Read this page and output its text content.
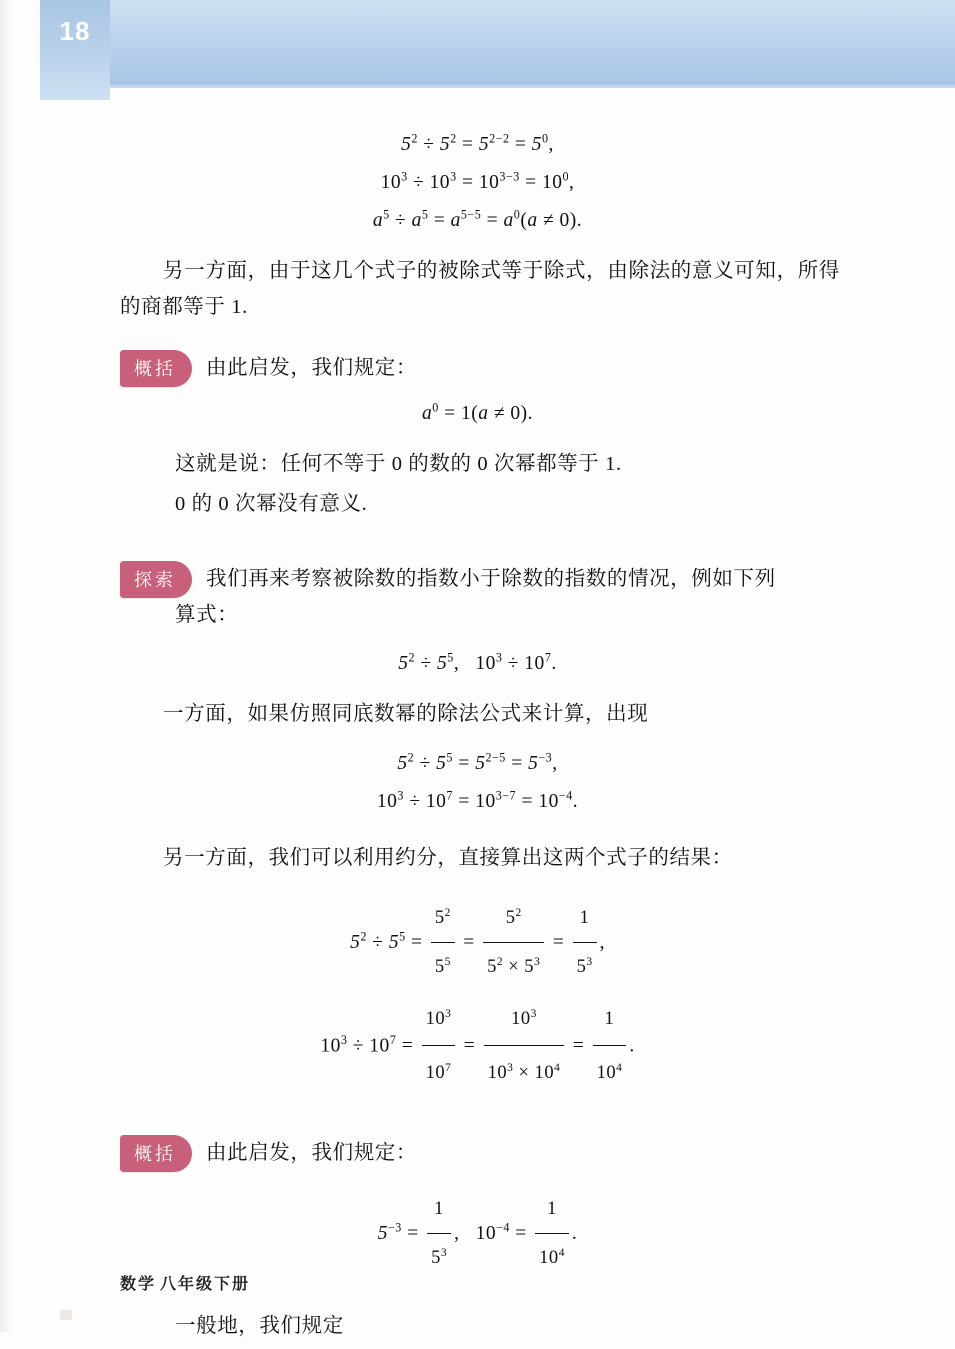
18
$5^2 \div 5^2 = 5^{2-2} = 5^0$,
$10^3 \div 10^3 = 10^{3-3} = 10^0$,
$a^5 \div a^5 = a^{5-5} = a^0(a \ne 0)$.

另一方面，由于这几个式子的被除式等于除式，由除法的意义可知，所得的商都等于 1.

概括	由此启发，我们规定：
$a^0 = 1(a \ne 0)$.

这就是说：任何不等于 0 的数的 0 次幂都等于 1.

0 的 0 次幂没有意义.

探索	我们再来考察被除数的指数小于除数的指数的情况，例如下列

算式：

$5^2 \div 5^5$,   $10^3 \div 10^7$.

一方面，如果仿照同底数幂的除法公式来计算，出现

$5^2 \div 5^5 = 5^{2-5} = 5^{-3}$,
$10^3 \div 10^7 = 10^{3-7} = 10^{-4}$.

另一方面，我们可以利用约分，直接算出这两个式子的结果：

$5^2 \div 5^5 = \frac{5^2}{5^5} = \frac{5^2}{5^2 \times 5^3} = \frac{1}{5^3}$ ,
$10^3 \div 10^7 = \frac{10^3}{10^7} = \frac{10^3}{10^3 \times 10^4} = \frac{1}{10^4}$ .
概括	由此启发，我们规定：
$5^{-3} = \frac{1}{5^3}$ ,   $10^{-4} = \frac{1}{10^4}$ .

一般地，我们规定

数学 八年级下册
